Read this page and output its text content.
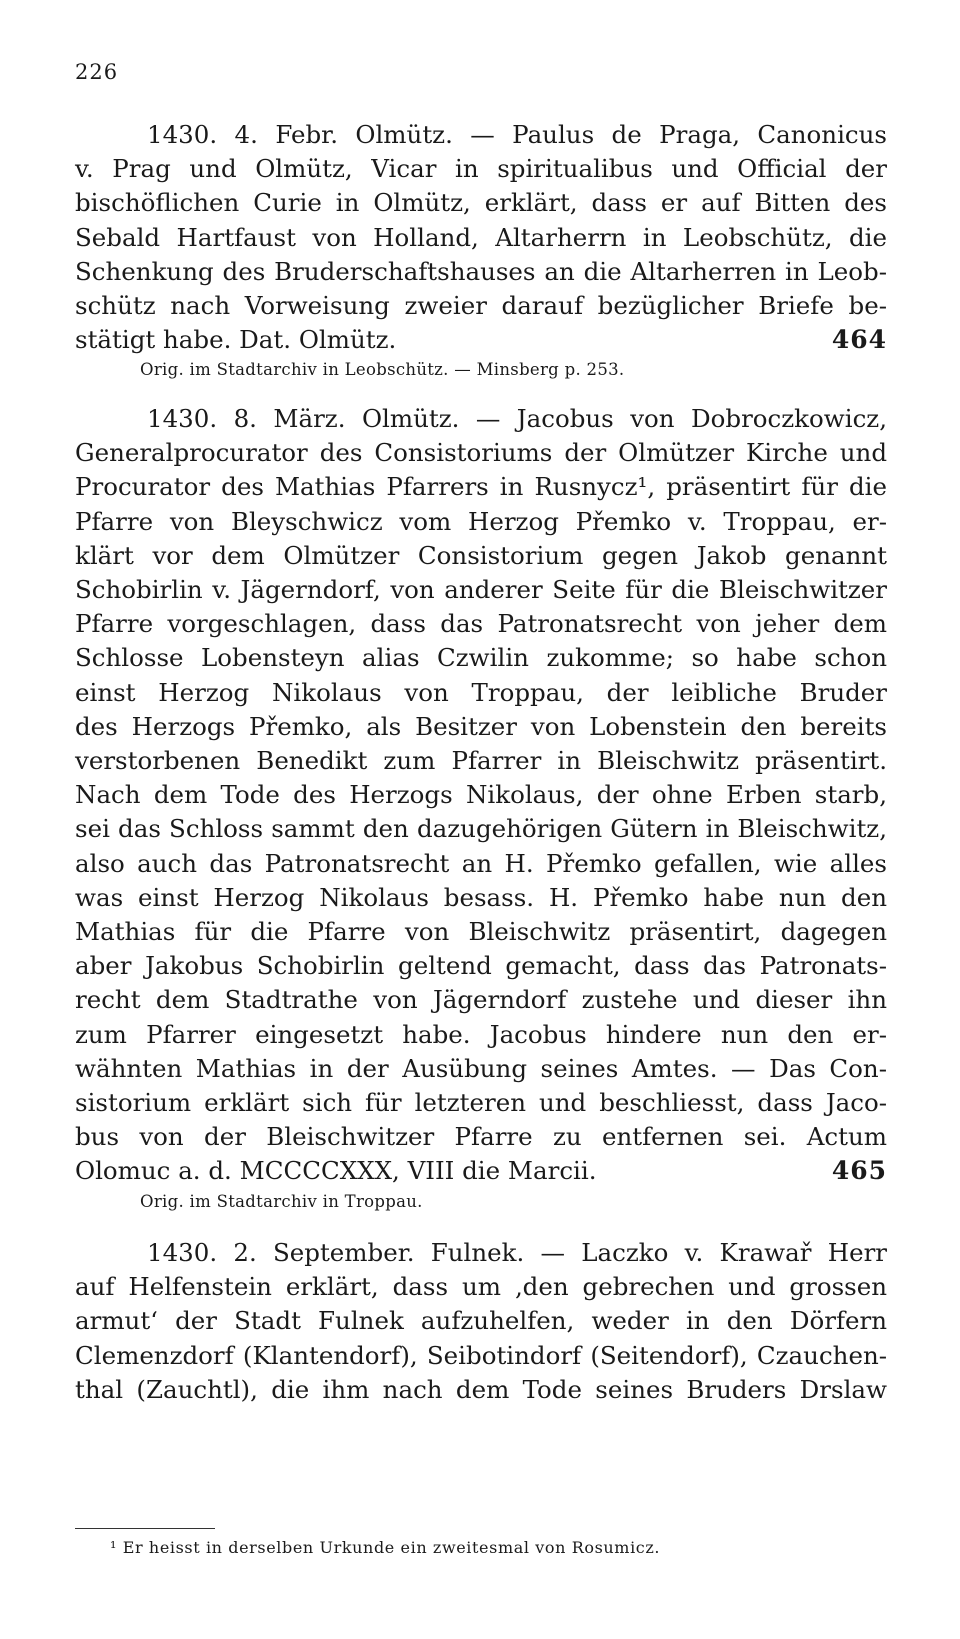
226
1430. 4. Febr. Olmütz. — Paulus de Praga, Canonicus
v. Prag und Olmütz, Vicar in spiritualibus und Official der
bischöflichen Curie in Olmütz, erklärt, dass er auf Bitten des
Sebald Hartfaust von Holland, Altarherrn in Leobschütz, die
Schenkung des Bruderschaftshauses an die Altarherren in Leob-
schütz nach Vorweisung zweier darauf bezüglicher Briefe be-
stätigt habe. Dat. Olmütz.	464
Orig. im Stadtarchiv in Leobschütz. — Minsberg p. 253.
1430. 8. März. Olmütz. — Jacobus von Dobroczkowicz,
Generalprocurator des Consistoriums der Olmützer Kirche und
Procurator des Mathias Pfarrers in Rusnycz¹, präsentirt für die
Pfarre von Bleyschwicz vom Herzog Přemko v. Troppau, er-
klärt vor dem Olmützer Consistorium gegen Jakob genannt
Schobirlin v. Jägerndorf, von anderer Seite für die Bleischwitzer
Pfarre vorgeschlagen, dass das Patronatsrecht von jeher dem
Schlosse Lobensteyn alias Czwilin zukomme; so habe schon
einst Herzog Nikolaus von Troppau, der leibliche Bruder
des Herzogs Přemko, als Besitzer von Lobenstein den bereits
verstorbenen Benedikt zum Pfarrer in Bleischwitz präsentirt.
Nach dem Tode des Herzogs Nikolaus, der ohne Erben starb,
sei das Schloss sammt den dazugehörigen Gütern in Bleischwitz,
also auch das Patronatsrecht an H. Přemko gefallen, wie alles
was einst Herzog Nikolaus besass. H. Přemko habe nun den
Mathias für die Pfarre von Bleischwitz präsentirt, dagegen
aber Jakobus Schobirlin geltend gemacht, dass das Patronats-
recht dem Stadtrathe von Jägerndorf zustehe und dieser ihn
zum Pfarrer eingesetzt habe. Jacobus hindere nun den er-
wähnten Mathias in der Ausübung seines Amtes. — Das Con-
sistorium erklärt sich für letzteren und beschliesst, dass Jaco-
bus von der Bleischwitzer Pfarre zu entfernen sei. Actum
Olomuc a. d. MCCCCXXX, VIII die Marcii.	465
Orig. im Stadtarchiv in Troppau.
1430. 2. September. Fulnek. — Laczko v. Krawař Herr
auf Helfenstein erklärt, dass um ‚den gebrechen und grossen
armut‘ der Stadt Fulnek aufzuhelfen, weder in den Dörfern
Clemenzdorf (Klantendorf), Seibotindorf (Seitendorf), Czauchen-
thal (Zauchtl), die ihm nach dem Tode seines Bruders Drslaw
¹ Er heisst in derselben Urkunde ein zweitesmal von Rosumicz.
